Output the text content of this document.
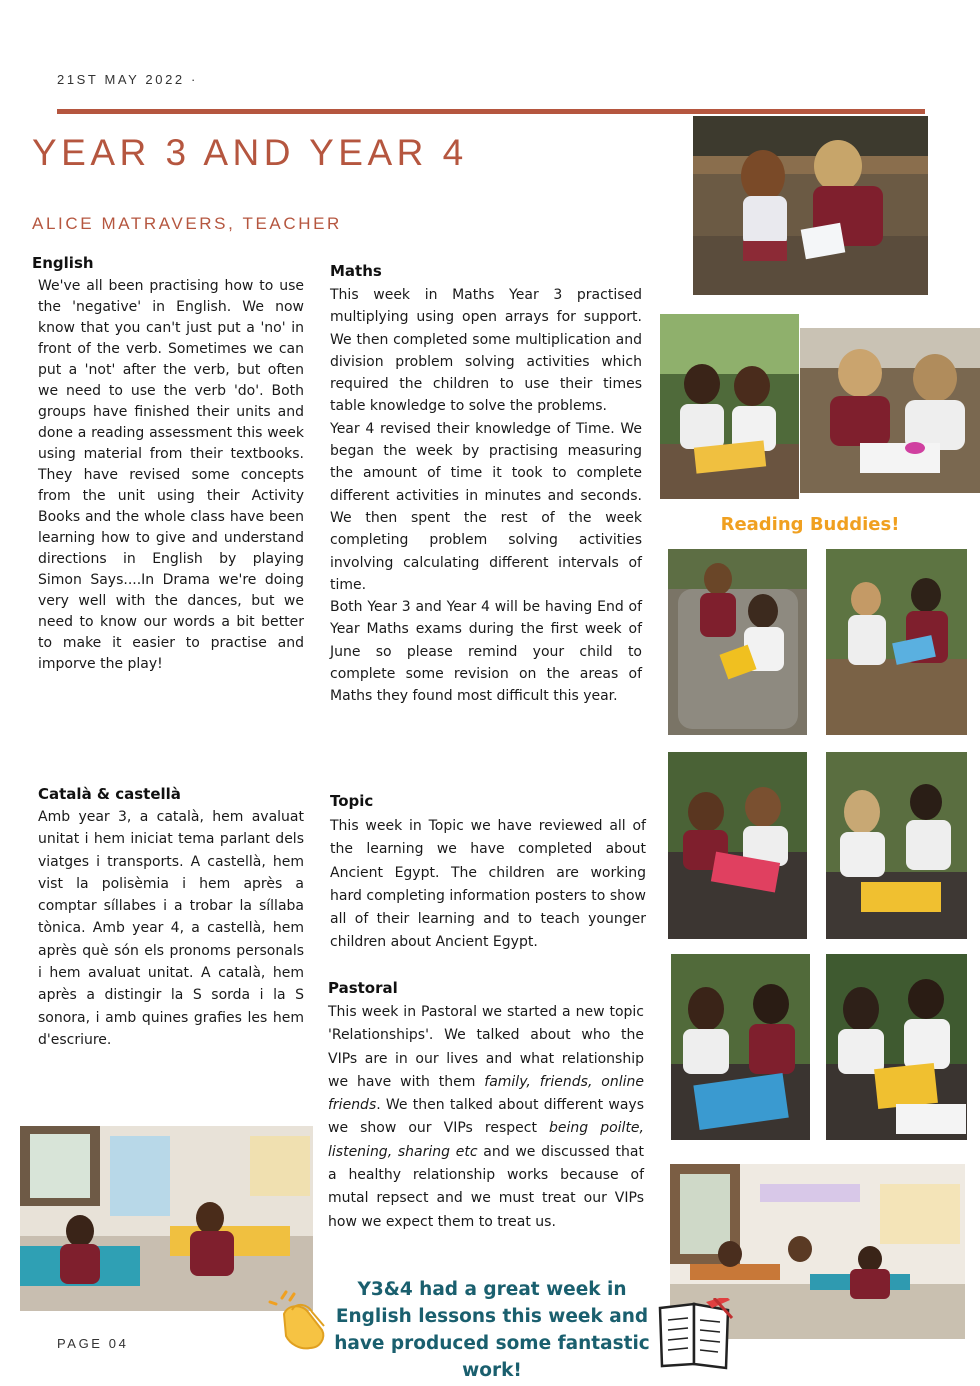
21ST MAY 2022 ·
YEAR 3 AND YEAR 4
ALICE MATRAVERS, TEACHER
English
We've all been practising how to use the 'negative' in English. We now know that you can't just put a 'no' in front of the verb. Sometimes we can put a 'not' after the verb, but often we need to use the verb 'do'. Both groups have finished their units and done a reading assessment this week using material from their textbooks. They have revised some concepts from the unit using their Activity Books and the whole class have been learning how to give and understand directions in English by playing Simon Says....In Drama we're doing very well with the dances, but we need to know our words a bit better to make it easier to practise and imporve the play!
Català & castellà
Amb year 3, a català, hem avaluat unitat i hem iniciat tema parlant dels viatges i transports. A castellà, hem vist la polisèmia i hem après a comptar síllabes i a trobar la síllaba tònica. Amb year 4, a castellà, hem après què són els pronoms personals i hem avaluat unitat. A català, hem après a distingir la S sorda i la S sonora, i amb quines grafies les hem d'escriure.
Maths

This week in Maths Year 3 practised multiplying using open arrays for support. We then completed some multiplication and division problem solving activities which required the children to use their times table knowledge to solve the problems.

Year 4 revised their knowledge of Time. We began the week by practising measuring the amount of time it took to complete different activities in minutes and seconds. We then spent the rest of the week completing problem solving activities involving calculating different intervals of time.

Both Year 3 and Year 4 will be having End of Year Maths exams during the first week of June so please remind your child to complete some revision on the areas of Maths they found most difficult this year.

Topic
This week in Topic we have reviewed all of the learning we have completed about Ancient Egypt. The children are working hard completing information posters to show all of their learning and to teach younger children about Ancient Egypt.
Pastoral
This week in Pastoral we started a new topic 'Relationships'. We talked about who the VIPs are in our lives and what relationship we have with them family, friends, online friends. We then talked about different ways we show our VIPs respect being poilte, listening, sharing etc and we discussed that a healthy relationship works because of mutal repsect and we must treat our VIPs how we expect them to treat us.
Reading Buddies!
Y3&4 had a great week in English lessons this week and have produced some fantastic work!
PAGE 04
